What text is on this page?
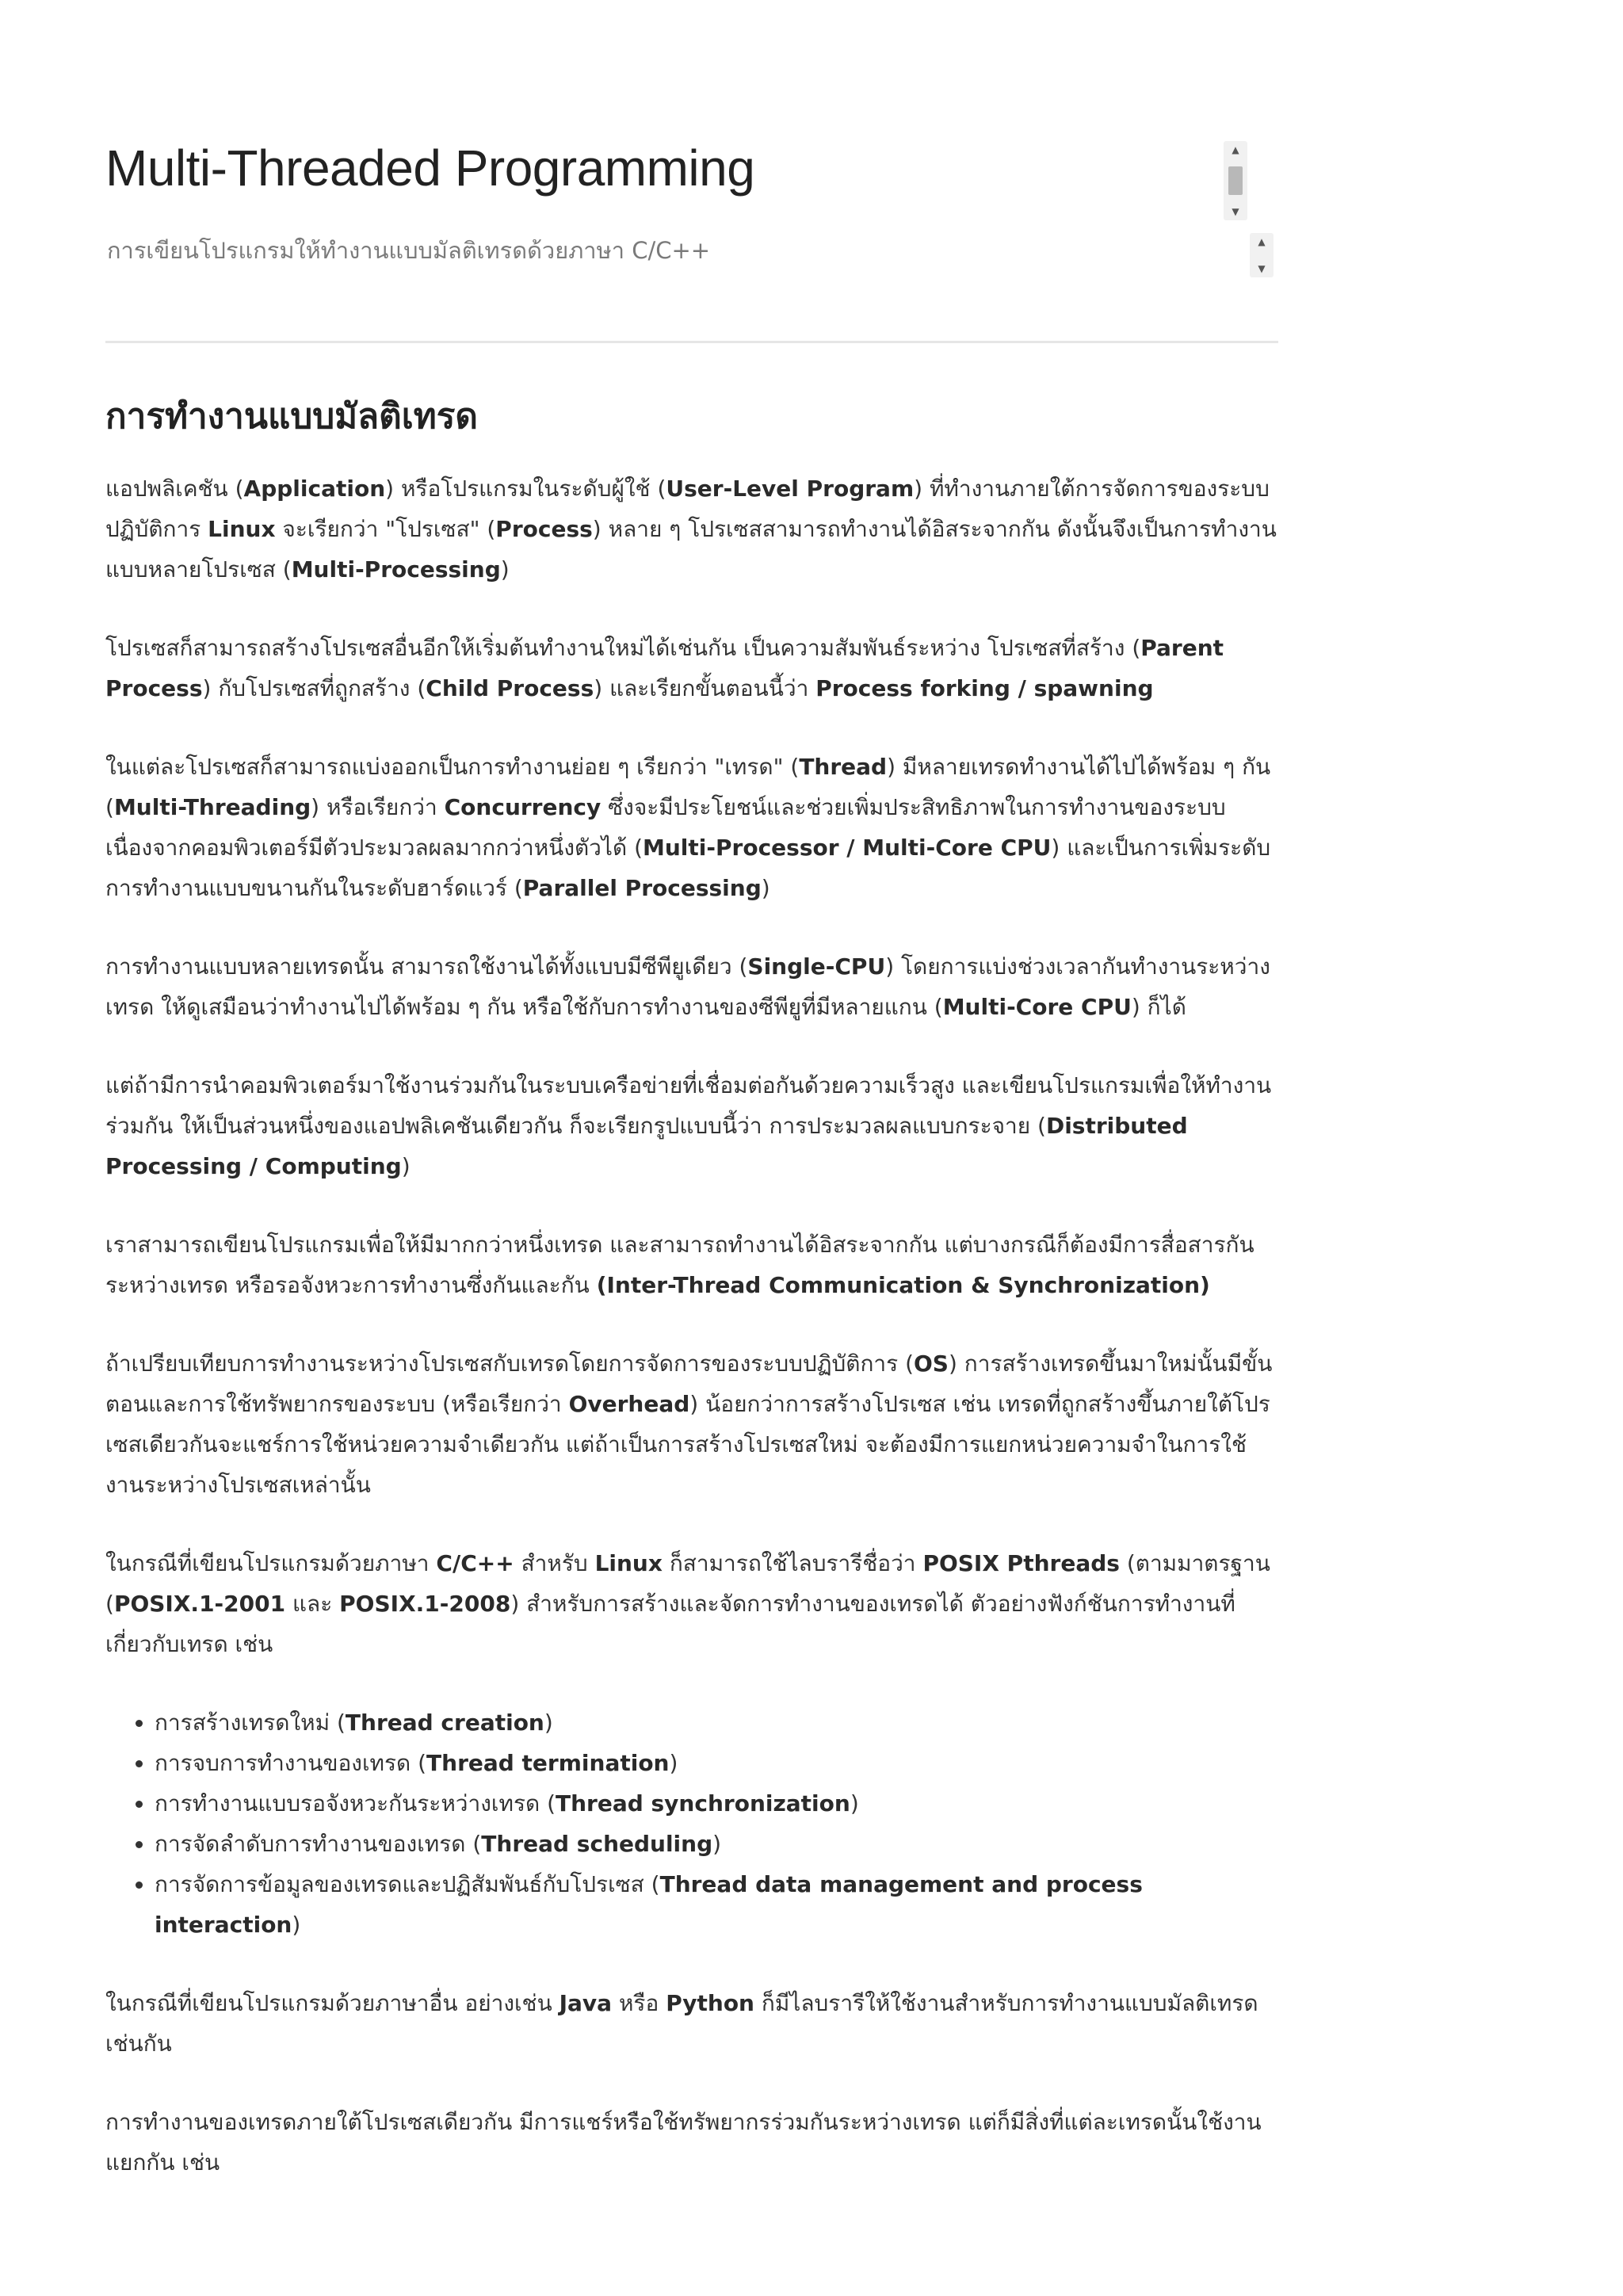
Multi-Threaded Programming
การเขียนโปรแกรมให้ทำงานแบบมัลติเทรดด้วยภาษา C/C++
▲
▼
▲
▼
การทำงานแบบมัลติเทรด

แอปพลิเคชัน (Application) หรือโปรแกรมในระดับผู้ใช้ (User-Level Program) ที่ทำงานภายใต้การจัดการของระบบปฏิบัติการ Linux จะเรียกว่า "โปรเซส" (Process) หลาย ๆ โปรเซสสามารถทำงานได้อิสระจากกัน ดังนั้นจึงเป็นการทำงานแบบหลายโปรเซส (Multi-Processing)

โปรเซสก็สามารถสร้างโปรเซสอื่นอีกให้เริ่มต้นทำงานใหม่ได้เช่นกัน เป็นความสัมพันธ์ระหว่าง โปรเซสที่สร้าง (Parent Process) กับโปรเซสที่ถูกสร้าง (Child Process) และเรียกขั้นตอนนี้ว่า Process forking / spawning

ในแต่ละโปรเซสก็สามารถแบ่งออกเป็นการทำงานย่อย ๆ เรียกว่า "เทรด" (Thread) มีหลายเทรดทำงานได้ไปได้พร้อม ๆ กัน (Multi-Threading) หรือเรียกว่า Concurrency ซึ่งจะมีประโยชน์และช่วยเพิ่มประสิทธิภาพในการทำงานของระบบเนื่องจากคอมพิวเตอร์มีตัวประมวลผลมากกว่าหนึ่งตัวได้ (Multi-Processor / Multi-Core CPU) และเป็นการเพิ่มระดับการทำงานแบบขนานกันในระดับฮาร์ดแวร์ (Parallel Processing)

การทำงานแบบหลายเทรดนั้น สามารถใช้งานได้ทั้งแบบมีซีพียูเดียว (Single-CPU) โดยการแบ่งช่วงเวลากันทำงานระหว่างเทรด ให้ดูเสมือนว่าทำงานไปได้พร้อม ๆ กัน หรือใช้กับการทำงานของซีพียูที่มีหลายแกน (Multi-Core CPU) ก็ได้

แต่ถ้ามีการนำคอมพิวเตอร์มาใช้งานร่วมกันในระบบเครือข่ายที่เชื่อมต่อกันด้วยความเร็วสูง และเขียนโปรแกรมเพื่อให้ทำงานร่วมกัน ให้เป็นส่วนหนึ่งของแอปพลิเคชันเดียวกัน ก็จะเรียกรูปแบบนี้ว่า การประมวลผลแบบกระจาย (Distributed Processing / Computing)

เราสามารถเขียนโปรแกรมเพื่อให้มีมากกว่าหนึ่งเทรด และสามารถทำงานได้อิสระจากกัน แต่บางกรณีก็ต้องมีการสื่อสารกันระหว่างเทรด หรือรอจังหวะการทำงานซึ่งกันและกัน (Inter-Thread Communication & Synchronization)

ถ้าเปรียบเทียบการทำงานระหว่างโปรเซสกับเทรดโดยการจัดการของระบบปฏิบัติการ (OS) การสร้างเทรดขึ้นมาใหม่นั้นมีขั้นตอนและการใช้ทรัพยากรของระบบ (หรือเรียกว่า Overhead) น้อยกว่าการสร้างโปรเซส เช่น เทรดที่ถูกสร้างขึ้นภายใต้โปรเซสเดียวกันจะแชร์การใช้หน่วยความจำเดียวกัน แต่ถ้าเป็นการสร้างโปรเซสใหม่ จะต้องมีการแยกหน่วยความจำในการใช้งานระหว่างโปรเซสเหล่านั้น

ในกรณีที่เขียนโปรแกรมด้วยภาษา C/C++ สำหรับ Linux ก็สามารถใช้ไลบรารีชื่อว่า POSIX Pthreads (ตามมาตรฐาน (POSIX.1-2001 และ POSIX.1-2008) สำหรับการสร้างและจัดการทำงานของเทรดได้ ตัวอย่างฟังก์ชันการทำงานที่เกี่ยวกับเทรด เช่น

• การสร้างเทรดใหม่ (Thread creation)
• การจบการทำงานของเทรด (Thread termination)
• การทำงานแบบรอจังหวะกันระหว่างเทรด (Thread synchronization)
• การจัดลำดับการทำงานของเทรด (Thread scheduling)
• การจัดการข้อมูลของเทรดและปฏิสัมพันธ์กับโปรเซส (Thread data management and process interaction)

ในกรณีที่เขียนโปรแกรมด้วยภาษาอื่น อย่างเช่น Java หรือ Python ก็มีไลบรารีให้ใช้งานสำหรับการทำงานแบบมัลติเทรดเช่นกัน

การทำงานของเทรดภายใต้โปรเซสเดียวกัน มีการแชร์หรือใช้ทรัพยากรร่วมกันระหว่างเทรด แต่ก็มีสิ่งที่แต่ละเทรดนั้นใช้งานแยกกัน เช่น
